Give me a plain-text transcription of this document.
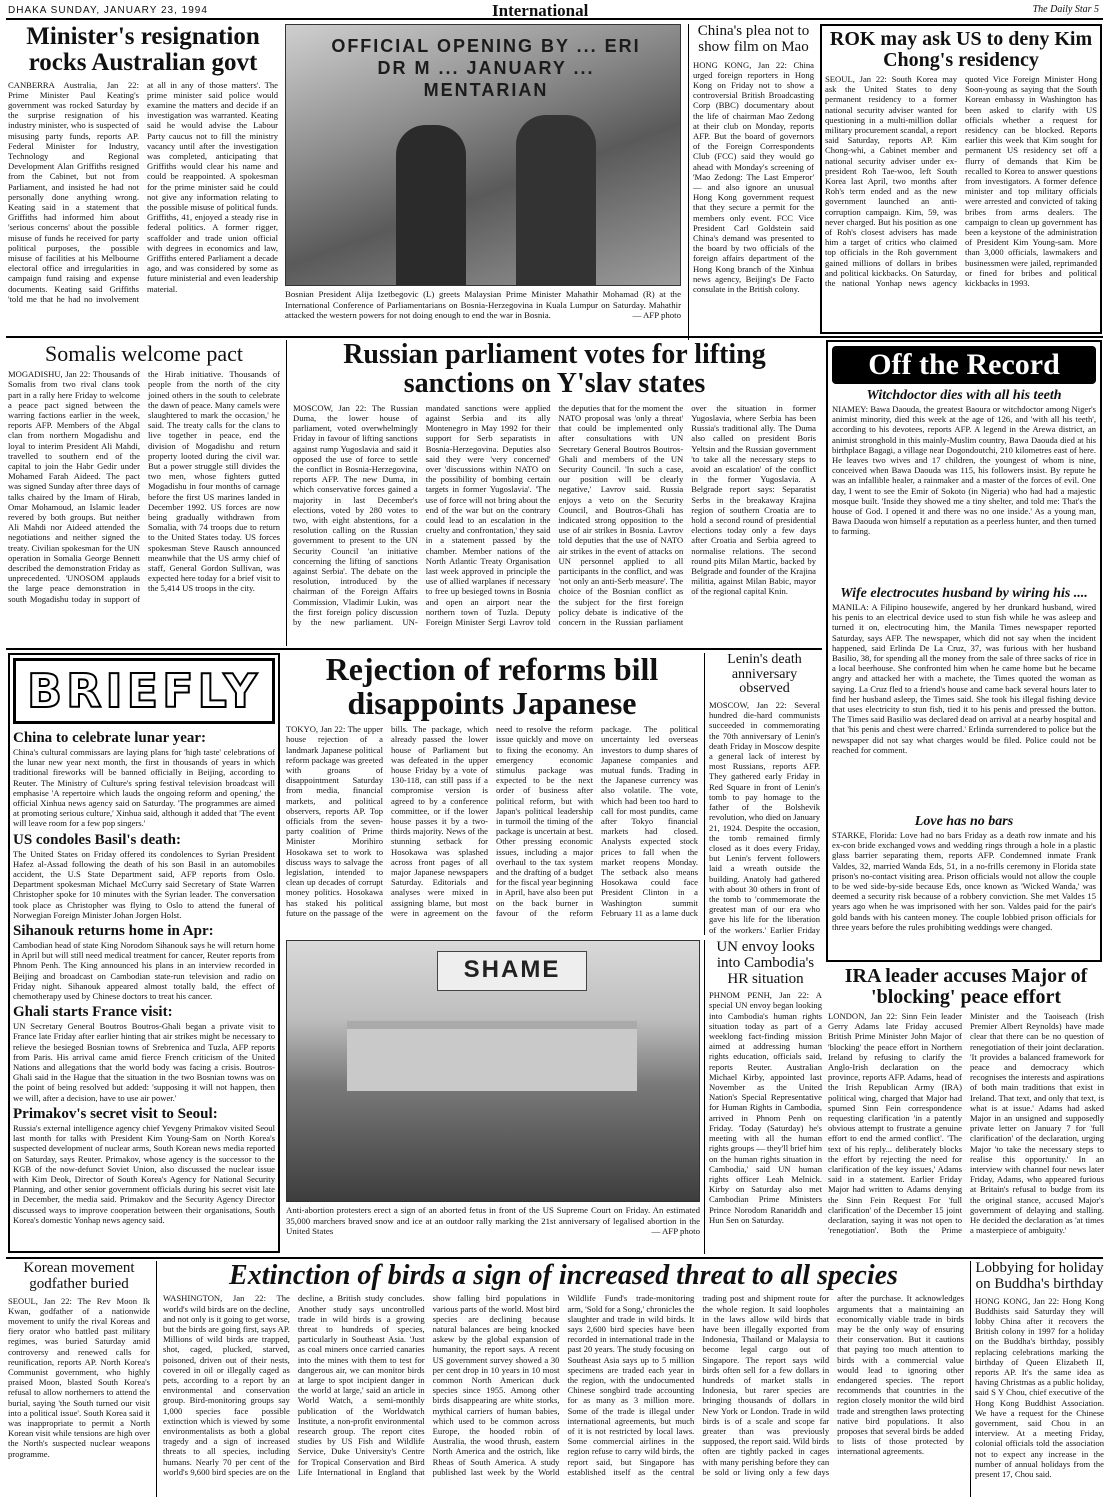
DHAKA SUNDAY, JANUARY 23, 1994	International	The Daily Star 5
Minister's resignation rocks Australian govt
CANBERRA Australia, Jan 22: Prime Minister Paul Keating's government was rocked Saturday by the surprise resignation of his industry minister, who is suspected of misusing party funds, reports AP. Federal Minister for Industry, Technology and Regional Development Alan Griffiths resigned from the Cabinet, but not from Parliament, and insisted he had not personally done anything wrong. Keating said in a statement that Griffiths had informed him about 'serious concerns' about the possible misuse of funds he received for party political purposes, the possible misuse of facilities at his Melbourne electoral office and irregularities in campaign fund raising and expense documents. Keating said Griffiths 'told me that he had no involvement at all in any of those matters'. The prime minister said police would examine the matters and decide if an investigation was warranted. Keating said he would advise the Labour Party caucus not to fill the ministry vacancy until after the investigation was completed, anticipating that Griffiths would clear his name and could be reappointed. A spokesman for the prime minister said he could not give any information relating to the possible misuse of political funds. Griffiths, 41, enjoyed a steady rise in federal politics. A former rigger, scaffolder and trade union official with degrees in economics and law, Griffiths entered Parliament a decade ago, and was considered by some as future ministerial and even leadership material.
OFFICIAL OPENING BY ... ERI DR M ... JANUARY ... MENTARIAN
Bosnian President Alija Izetbegovic (L) greets Malaysian Prime Minister Mahathir Mohamad (R) at the International Conference of Parliamentarians on Bosnia-Herzegovina in Kuala Lumpur on Saturday. Mahathir attacked the western powers for not doing enough to end the war in Bosnia.	— AFP photo
China's plea not to show film on Mao
HONG KONG, Jan 22: China urged foreign reporters in Hong Kong on Friday not to show a controversial British Broadcasting Corp (BBC) documentary about the life of chairman Mao Zedong at their club on Monday, reports AFP. But the board of governors of the Foreign Correspondents Club (FCC) said they would go ahead with Monday's screening of 'Mao Zedong: The Last Emperor' — and also ignore an unusual Hong Kong government request that they secure a permit for the members only event. FCC Vice President Carl Goldstein said China's demand was presented to the board by two officials of the foreign affairs department of the Hong Kong branch of the Xinhua news agency, Beijing's De Facto consulate in the British colony.
ROK may ask US to deny Kim Chong's residency
SEOUL, Jan 22: South Korea may ask the United States to deny permanent residency to a former national security adviser wanted for questioning in a multi-million dollar military procurement scandal, a report said Saturday, reports AP. Kim Chong-whi, a Cabinet member and national security adviser under ex-president Roh Tae-woo, left South Korea last April, two months after Roh's term ended and as the new government launched an anti-corruption campaign. Kim, 59, was never charged. But his position as one of Roh's closest advisers has made him a target of critics who claimed top officials in the Roh government gained millions of dollars in bribes and political kickbacks. On Saturday, the national Yonhap news agency quoted Vice Foreign Minister Hong Soon-young as saying that the South Korean embassy in Washington has been asked to clarify with US officials whether a request for residency can be blocked. Reports earlier this week that Kim sought for permanent US residency set off a flurry of demands that Kim be recalled to Korea to answer questions from investigators. A former defence minister and top military officials were arrested and convicted of taking bribes from arms dealers. The campaign to clean up government has been a keystone of the administration of President Kim Young-sam. More than 3,000 officials, lawmakers and businessmen were jailed, reprimanded or fined for bribes and political kickbacks in 1993.
Somalis welcome pact
MOGADISHU, Jan 22: Thousands of Somalis from two rival clans took part in a rally here Friday to welcome a peace pact signed between the warring factions earlier in the week, reports AFP. Members of the Abgal clan from northern Mogadishu and loyal to interim President Ali Mahdi, travelled to southern end of the capital to join the Habr Gedir under Mohamed Farah Aideed. The pact was signed Sunday after three days of talks chaired by the Imam of Hirab, Omar Mohamoud, an Islamic leader revered by both groups. But neither Ali Mahdi nor Aideed attended the negotiations and neither signed the treaty. Civilian spokesman for the UN operation in Somalia George Bennett described the demonstration Friday as unprecedented. 'UNOSOM applauds the large peace demonstration in south Mogadishu today in support of the Hirab initiative. Thousands of people from the north of the city joined others in the south to celebrate the dawn of peace. Many camels were slaughtered to mark the occasion,' he said. The treaty calls for the clans to live together in peace, end the division of Mogadishu and return property looted during the civil war. But a power struggle still divides the two men, whose fighters gutted Mogadishu in four months of carnage before the first US marines landed in December 1992. US forces are now being gradually withdrawn from Somalia, with 74 troops due to return to the United States today. US forces spokesman Steve Rausch announced meanwhile that the US army chief of staff, General Gordon Sullivan, was expected here today for a brief visit to the 5,414 US troops in the city.
Russian parliament votes for lifting sanctions on Y'slav states
MOSCOW, Jan 22: The Russian Duma, the lower house of parliament, voted overwhelmingly Friday in favour of lifting sanctions against rump Yugoslavia and said it opposed the use of force to settle the conflict in Bosnia-Herzegovina, reports AFP. The new Duma, in which conservative forces gained a majority in last December's elections, voted by 280 votes to two, with eight abstentions, for a resolution calling on the Russian government to present to the UN Security Council 'an initiative concerning the lifting of sanctions against Serbia'. The debate on the resolution, introduced by the chairman of the Foreign Affairs Commission, Vladimir Lukin, was the first foreign policy discussion by the new parliament. UN-mandated sanctions were applied against Serbia and its ally Montenegro in May 1992 for their support for Serb separatists in Bosnia-Herzegovina. Deputies also said they were 'very concerned' over 'discussions within NATO on the possibility of bombing certain targets in former Yugoslavia'. 'The use of force will not bring about the end of the war but on the contrary could lead to an escalation in the cruelty and confrontation,' they said in a statement passed by the chamber. Member nations of the North Atlantic Treaty Organisation last week approved in principle the use of allied warplanes if necessary to free up besieged towns in Bosnia and open an airport near the northern town of Tuzla. Deputy Foreign Minister Sergi Lavrov told the deputies that for the moment the NATO proposal was 'only a threat' that could be implemented only after consultations with UN Secretary General Boutros Boutros-Ghali and members of the UN Security Council. 'In such a case, our position will be clearly negative,' Lavrov said. Russia enjoys a veto on the Security Council, and Boutros-Ghali has indicated strong opposition to the use of air strikes in Bosnia. Lavrov told deputies that the use of NATO air strikes in the event of attacks on UN personnel applied to all participants in the conflict, and was 'not only an anti-Serb measure'. The choice of the Bosnian conflict as the subject for the first foreign policy debate is indicative of the concern in the Russian parliament over the situation in former Yugoslavia, where Serbia has been Russia's traditional ally. The Duma also called on president Boris Yeltsin and the Russian government 'to take all the necessary steps to avoid an escalation' of the conflict in the former Yugoslavia. A Belgrade report says: Separatist Serbs in the breakaway Krajina region of southern Croatia are to hold a second round of presidential elections today only a few days after Croatia and Serbia agreed to normalise relations. The second round pits Milan Martic, backed by Belgrade and founder of the Krajina militia, against Milan Babic, mayor of the regional capital Knin.
Off the Record
Witchdoctor dies with all his teeth
NIAMEY: Bawa Daouda, the greatest Baoura or witchdoctor among Niger's animist minority, died this week at the age of 126, and 'with all his teeth', according to his devotees, reports AFP. A legend in the Arewa district, an animist stronghold in this mainly-Muslim country, Bawa Daouda died at his birthplace Bagagi, a village near Dogondoutchi, 210 kilometres east of here. He leaves two wives and 17 children, the youngest of whom is nine, conceived when Bawa Daouda was 115, his followers insist. By repute he was an infallible healer, a rainmaker and a master of the forces of evil. One day, I went to see the Emir of Sokoto (in Nigeria) who had had a majestic mosque built. 'Inside they showed me a tiny shelter, and told me: That's the house of God. I opened it and there was no one inside.' As a young man, Bawa Daouda won himself a reputation as a peerless hunter, and then turned to farming.
Wife electrocutes husband by wiring his ....
MANILA: A Filipino housewife, angered by her drunkard husband, wired his penis to an electrical device used to stun fish while he was asleep and turned it on, electrocuting him, the Manila Times newspaper reported Saturday, says AFP. The newspaper, which did not say when the incident happened, said Erlinda De La Cruz, 37, was furious with her husband Basilio, 38, for spending all the money from the sale of three sacks of rice in a local beerhouse. She confronted him when he came home but he became angry and attacked her with a machete, the Times quoted the woman as saying. La Cruz fled to a friend's house and came back several hours later to find her husband asleep, the Times said. She took his illegal fishing device that uses electricity to stun fish, tied it to his penis and pressed the button. The Times said Basilio was declared dead on arrival at a nearby hospital and that 'his penis and chest were charred.' Erlinda surrendered to police but the newspaper did not say what charges would be filed. Police could not be reached for comment.
Love has no bars
STARKE, Florida: Love had no bars Friday as a death row inmate and his ex-con bride exchanged vows and wedding rings through a hole in a plastic glass barrier separating them, reports AFP. Condemned inmate Frank Valdes, 32, married Wanda Eds, 51, in a no-frills ceremony in Florida state prison's no-contact visiting area. Prison officials would not allow the couple to be wed side-by-side because Eds, once known as 'Wicked Wanda,' was deemed a security risk because of a robbery conviction. She met Valdes 15 years ago when he was imprisoned with her son. Valdes paid for the pair's gold bands with his canteen money. The couple lobbied prison officials for three years before the rules prohibiting weddings were changed.
BRIEFLY
China to celebrate lunar year:
China's cultural commissars are laying plans for 'high taste' celebrations of the lunar new year next month, the first in thousands of years in which traditional fireworks will be banned officially in Beijing, according to Reuter. The Ministry of Culture's spring festival television broadcast will emphasise 'A repertoire which lauds the ongoing reform and opening,' the official Xinhua news agency said on Saturday. 'The programmes are aimed at promoting serious culture,' Xinhua said, although it added that 'The event will leave room for a few pop singers.'
US condoles Basil's death:
The United States on Friday offered its condolences to Syrian President Hafez al-Assad following the death of his son Basil in an automobiles accident, the U.S State Department said, AFP reports from Oslo. Department spokesman Michael McCurry said Secretary of State Warren Christopher spoke for 10 minutes with the Syrian leader. The conversation took place as Christopher was flying to Oslo to attend the funeral of Norwegian Foreign Minister Johan Jorgen Holst.
Sihanouk returns home in Apr:
Cambodian head of state King Norodom Sihanouk says he will return home in April but will still need medical treatment for cancer, Reuter reports from Phnom Penh. The King announced his plans in an interview recorded in Beijing and broadcast on Cambodian state-run television and radio on Friday night. Sihanouk appeared almost totally bald, the effect of chemotherapy used by Chinese doctors to treat his cancer.
Ghali starts France visit:
UN Secretary General Boutros Boutros-Ghali began a private visit to France late Friday after earlier hinting that air strikes might be necessary to relieve the besieged Bosnian towns of Srebrenica and Tuzla, AFP reports from Paris. His arrival came amid fierce French criticism of the United Nations and allegations that the world body was facing a crisis. Boutros-Ghali said in the Hague that the situation in the two Bosnian towns was on the point of being resolved but added: 'supposing it will not happen, then we will, after a decision, have to use air power.'
Primakov's secret visit to Seoul:
Russia's external intelligence agency chief Yevgeny Primakov visited Seoul last month for talks with President Kim Young-Sam on North Korea's suspected development of nuclear arms, South Korean news media reported on Saturday, says Reuter. Primakov, whose agency is the successor to the KGB of the now-defunct Soviet Union, also discussed the nuclear issue with Kim Deok, Director of South Korea's Agency for National Security Planning, and other senior government officials during his secret visit late in December, the media said. Primakov and the Security Agency Director discussed ways to improve cooperation between their organisations, South Korea's domestic Yonhap news agency said.
Rejection of reforms bill disappoints Japanese
TOKYO, Jan 22: The upper house rejection of a landmark Japanese political reform package was greeted with groans of disappointment Saturday from media, financial markets, and political observers, reports AP. Top officials from the seven-party coalition of Prime Minister Morihiro Hosokawa set to work to discuss ways to salvage the legislation, intended to clean up decades of corrupt money politics. Hosokawa has staked his political future on the passage of the bills. The package, which already passed the lower house of Parliament but was defeated in the upper house Friday by a vote of 130-118, can still pass if a compromise version is agreed to by a conference committee, or if the lower house passes it by a two-thirds majority. News of the stunning setback for Hosokawa was splashed across front pages of all major Japanese newspapers Saturday. Editorials and analyses were mixed in assigning blame, but most were in agreement on the need to resolve the reform issue quickly and move on to fixing the economy. An emergency economic stimulus package was expected to be the next order of business after political reform, but with Japan's political leadership in turmoil the timing of the package is uncertain at best. Other pressing economic issues, including a major overhaul to the tax system and the drafting of a budget for the fiscal year beginning in April, have also been put on the back burner in favour of the reform package. The political uncertainty led overseas investors to dump shares of Japanese companies and mutual funds. Trading in the Japanese currency was also volatile. The vote, which had been too hard to call for most pundits, came after Tokyo financial markets had closed. Analysts expected stock prices to fall when the market reopens Monday. The setback also means Hosokawa could face President Clinton in a Washington summit February 11 as a lame duck
Lenin's death anniversary observed
MOSCOW, Jan 22: Several hundred die-hard communists succeeded in commemorating the 70th anniversary of Lenin's death Friday in Moscow despite a general lack of interest by most Russians, reports AFP. They gathered early Friday in Red Square in front of Lenin's tomb to pay homage to the father of the Bolshevik revolution, who died on January 21, 1924. Despite the occasion, the tomb remained firmly closed as it does every Friday, but Lenin's fervent followers laid a wreath outside the building. Anatoly had gathered with about 30 others in front of the tomb to 'commemorate the greatest man of our era who gave his life for the liberation of the workers.' Earlier Friday
SHAME
Anti-abortion protesters erect a sign of an aborted fetus in front of the US Supreme Court on Friday. An estimated 35,000 marchers braved snow and ice at an outdoor rally marking the 21st anniversary of legalised abortion in the United States	— AFP photo
UN envoy looks into Cambodia's HR situation
PHNOM PENH, Jan 22: A special UN envoy began looking into Cambodia's human rights situation today as part of a weeklong fact-finding mission aimed at addressing human rights education, officials said, reports Reuter. Australian Michael Kirby, appointed last November as the United Nation's Special Representative for Human Rights in Cambodia, arrived in Phnom Penh on Friday. 'Today (Saturday) he's meeting with all the human rights groups — they'll brief him on the human rights situation in Cambodia,' said UN human rights officer Leah Melnick. Kirby on Saturday also met Cambodian Prime Ministers Prince Norodom Ranariddh and Hun Sen on Saturday.
IRA leader accuses Major of 'blocking' peace effort
LONDON, Jan 22: Sinn Fein leader Gerry Adams late Friday accused British Prime Minister John Major of 'blocking' the peace effort in Northern Ireland by refusing to clarify the Anglo-Irish declaration on the province, reports AFP. Adams, head of the Irish Republican Army (IRA) political wing, charged that Major had spurned Sinn Fein correspondence requesting clarification 'in a patently obvious attempt to frustrate a genuine effort to end the armed conflict'. 'The text of his reply... deliberately blocks the effort by rejecting the need for clarification of the key issues,' Adams said in a statement. Earlier Friday Major had written to Adams denying the Sinn Fein Request For 'full clarification' of the December 15 joint declaration, saying it was not open to 'renegotiation'. Both the Prime Minister and the Taoiseach (Irish Premier Albert Reynolds) have made clear that there can be no question of renegotiation of their joint declaration. 'It provides a balanced framework for peace and democracy which recognises the interests and aspirations of both main traditions that exist in Ireland. That text, and only that text, is what is at issue.' Adams had asked Major in an unsigned and supposedly private letter on January 7 for 'full clarification' of the declaration, urging Major 'to take the necessary steps to realise this opportunity.' In an interview with channel four news later Friday, Adams, who appeared furious at Britain's refusal to budge from its the original stance, accused Major's government of delaying and stalling. He decided the declaration as 'at times a masterpiece of ambiguity.'
Korean movement godfather buried
SEOUL, Jan 22: The Rev Moon Ik Kwan, godfather of a nationwide movement to unify the rival Koreas and fiery orator who battled past military regimes, was buried Saturday amid controversy and renewed calls for reunification, reports AP. North Korea's Communist government, who highly praised Moon, blasted South Korea's refusal to allow northerners to attend the burial, saying 'the South turned our visit into a political issue'. South Korea said it was inappropriate to permit a North Korean visit while tensions are high over the North's suspected nuclear weapons programme.
Extinction of birds a sign of increased threat to all species
WASHINGTON, Jan 22: The world's wild birds are on the decline, and not only is it going to get worse, but the birds are going first, says AP. Millions of wild birds are trapped, shot, caged, plucked, starved, poisoned, driven out of their nests, covered in oil or illegally caged as pets, according to a report by an environmental and conservation group. Bird-monitoring groups say 1,000 species face possible extinction which is viewed by some environmentalists as both a global tragedy and a sign of increased threats to all species, including humans. Nearly 70 per cent of the world's 9,600 bird species are on the decline, a British study concludes. Another study says uncontrolled trade in wild birds is a growing threat to hundreds of species, particularly in Southeast Asia. 'Just as coal miners once carried canaries into the mines with them to test for dangerous air, we can monitor birds at large to spot incipient danger in the world at large,' said an article in World Watch, a semi-monthly publication of the Worldwatch Institute, a non-profit environmental research group. The report cites studies by US Fish and Wildlife Service, Duke University's Centre for Tropical Conservation and Bird Life International in England that show falling bird populations in various parts of the world. Most bird species are declining because natural balances are being knocked askew by the global expansion of humanity, the report says. A recent US government survey showed a 30 per cent drop in 10 years in 10 most common North American duck species since 1955. Among other birds disappearing are white storks, mythical carriers of human babies, which used to be common across Europe, the hooded robin of Australia, the wood thrush, eastern North America and the ostrich, like Rheas of South America. A study published last week by the World Wildlife Fund's trade-monitoring arm, 'Sold for a Song,' chronicles the slaughter and trade in wild birds. It says 2,600 bird species have been recorded in international trade in the past 20 years. The study focusing on Southeast Asia says up to 5 million specimens are traded each year in the region, with the undocumented Chinese songbird trade accounting for as many as 3 million more. Some of the trade is illegal under international agreements, but much of it is not restricted by local laws. Some commercial airlines in the region refuse to carry wild birds, the report said, but Singapore has established itself as the central trading post and shipment route for the whole region. It said loopholes in the laws allow wild birds that have been illegally exported from Indonesia, Thailand or Malaysia to become legal cargo out of Singapore. The report says wild birds often sell for a few dollars in hundreds of market stalls in Indonesia, but rarer species are bringing thousands of dollars in New York or London. Trade in wild birds is of a scale and scope far greater than was previously supposed, the report said. Wild birds often are tightly packed in cages with many perishing before they can be sold or living only a few days after the purchase. It acknowledges arguments that a maintaining an economically viable trade in birds may be the only way of ensuring their conservation. But it cautions that paying too much attention to birds with a commercial value would lead to ignoring other endangered species. The report recommends that countries in the region closely monitor the wild bird trade and strengthen laws protecting native bird populations. It also proposes that several birds be added to lists of those protected by international agreements.
Lobbying for holiday on Buddha's birthday
HONG KONG, Jan 22: Hong Kong Buddhists said Saturday they will lobby China after it recovers the British colony in 1997 for a holiday on the Buddha's birthday, possibly replacing celebrations marking the birthday of Queen Elizabeth II, reports AP. It's the same idea as having Christmas as a public holiday, said S Y Chou, chief executive of the Hong Kong Buddhist Association. We have a request for the Chinese government, said Chou in an interview. At a meeting Friday, colonial officials told the association not to expect any increase in the number of annual holidays from the present 17, Chou said.
